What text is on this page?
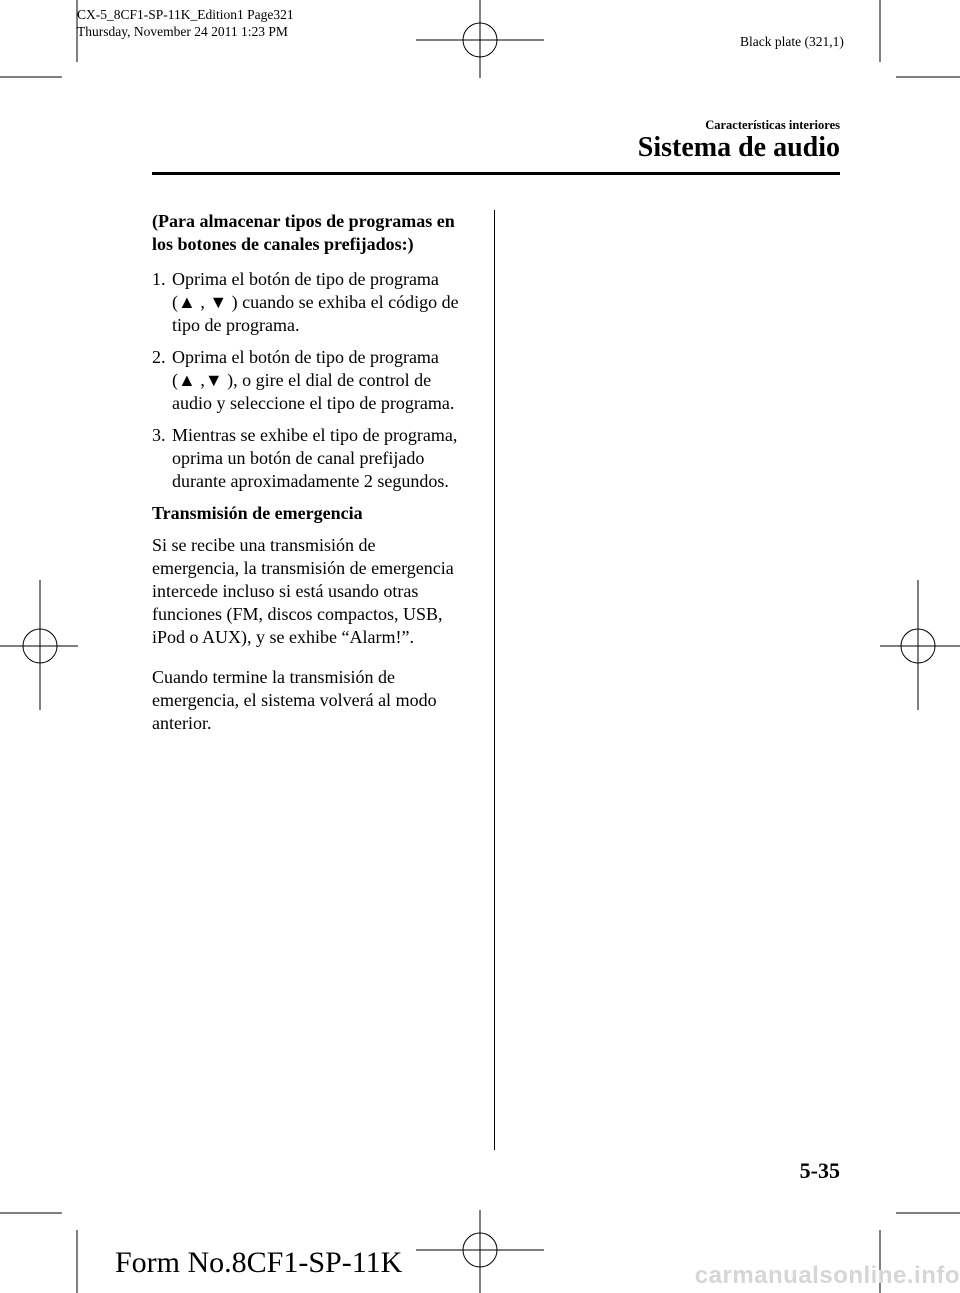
CX-5_8CF1-SP-11K_Edition1 Page321
Thursday, November 24 2011 1:23 PM
Black plate (321,1)
Características interiores
Sistema de audio

(Para almacenar tipos de programas en
los botones de canales prefijados:)

1. Oprima el botón de tipo de programa
(▲ , ▼ ) cuando se exhiba el código de
tipo de programa.
2. Oprima el botón de tipo de programa
(▲ ,▼ ), o gire el dial de control de
audio y seleccione el tipo de programa.
3. Mientras se exhibe el tipo de programa,
oprima un botón de canal prefijado
durante aproximadamente 2 segundos.

Transmisión de emergencia

Si se recibe una transmisión de
emergencia, la transmisión de emergencia
intercede incluso si está usando otras
funciones (FM, discos compactos, USB,
iPod o AUX), y se exhibe “Alarm!”.

Cuando termine la transmisión de
emergencia, el sistema volverá al modo
anterior.

5-35
Form No.8CF1-SP-11K	carmanualsonline.info
